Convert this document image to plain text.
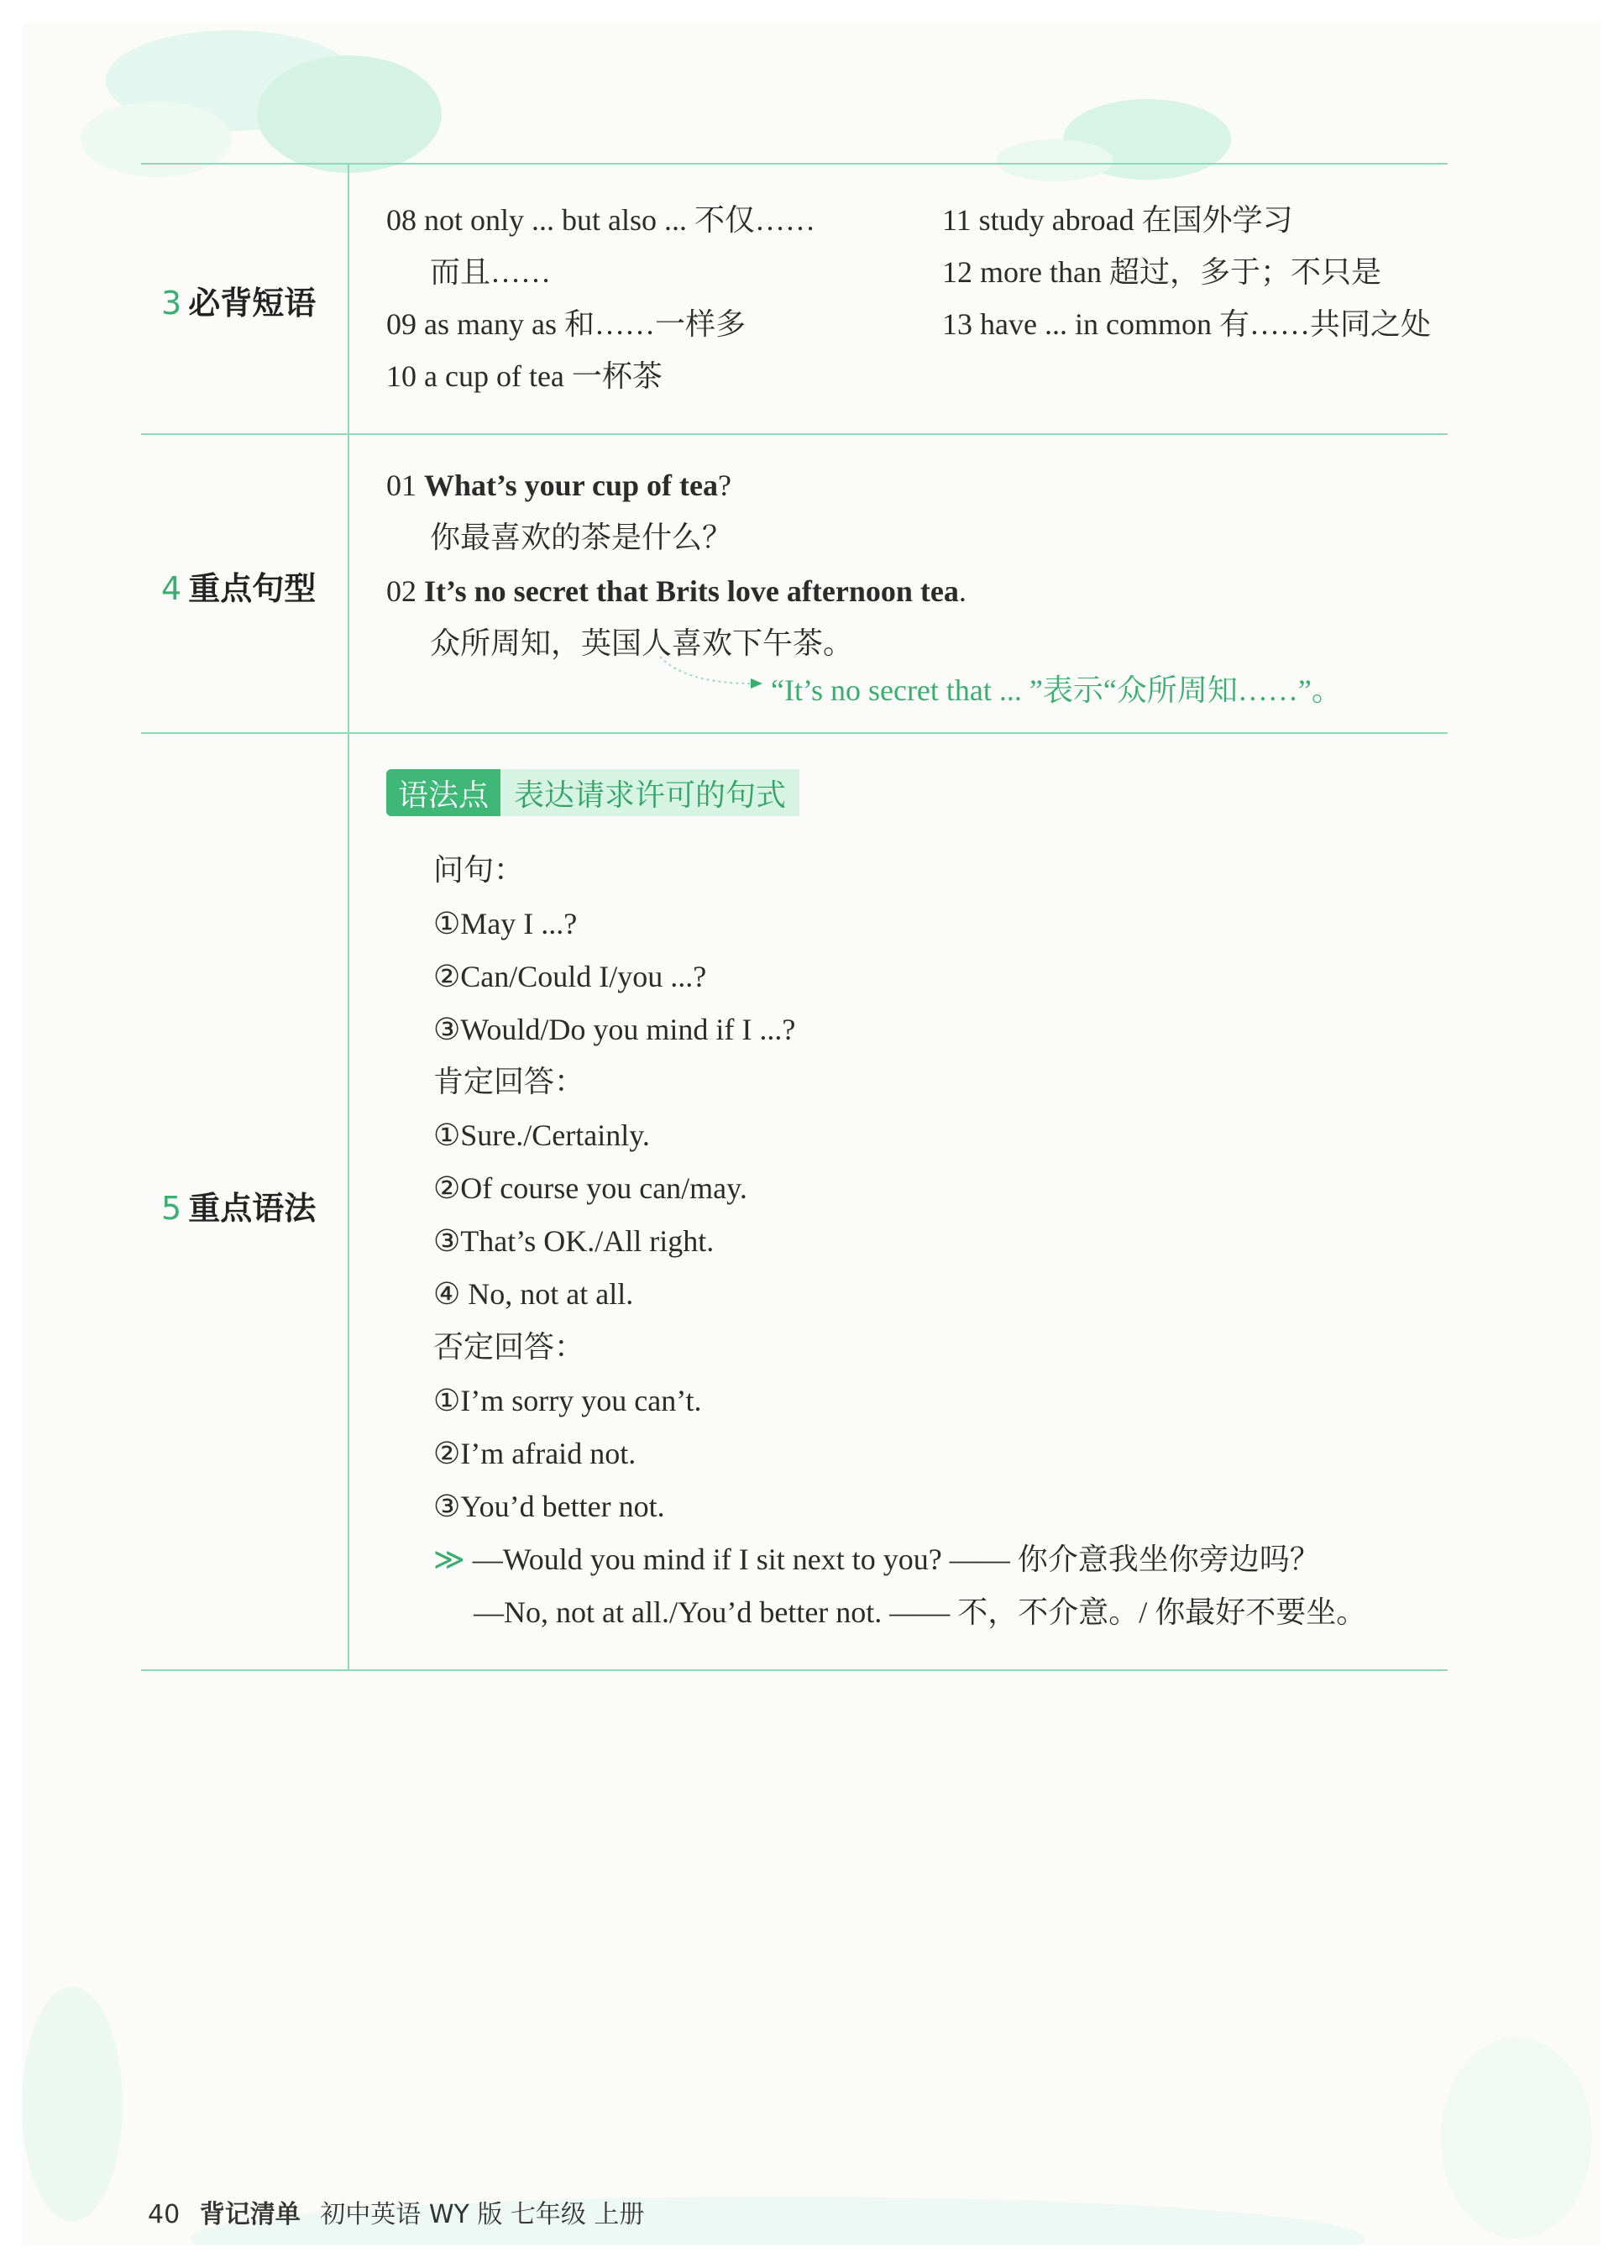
3 必背短语
08 not only ... but also ... 不仅……
而且……
09 as many as 和……一样多
10 a cup of tea 一杯茶
11 study abroad 在国外学习
12 more than 超过，多于；不只是
13 have ... in common 有……共同之处
4 重点句型
01 What’s your cup of tea?
你最喜欢的茶是什么？
02 It’s no secret that Brits love afternoon tea.
众所周知，英国人喜欢下午茶。
“It’s no secret that ... ”表示“众所周知……”。
5 重点语法
语法点 表达请求许可的句式
问句：
①May I ...?
②Can/Could I/you ...?
③Would/Do you mind if I ...?
肯定回答：
①Sure./Certainly.
②Of course you can/may.
③That’s OK./All right.
④ No, not at all.
否定回答：
①I’m sorry you can’t.
②I’m afraid not.
③You’d better not.
≫ —Would you mind if I sit next to you? —— 你介意我坐你旁边吗？
—No, not at all./You’d better not. —— 不，不介意。/ 你最好不要坐。
40 背记清单 初中英语 WY 版 七年级 上册
